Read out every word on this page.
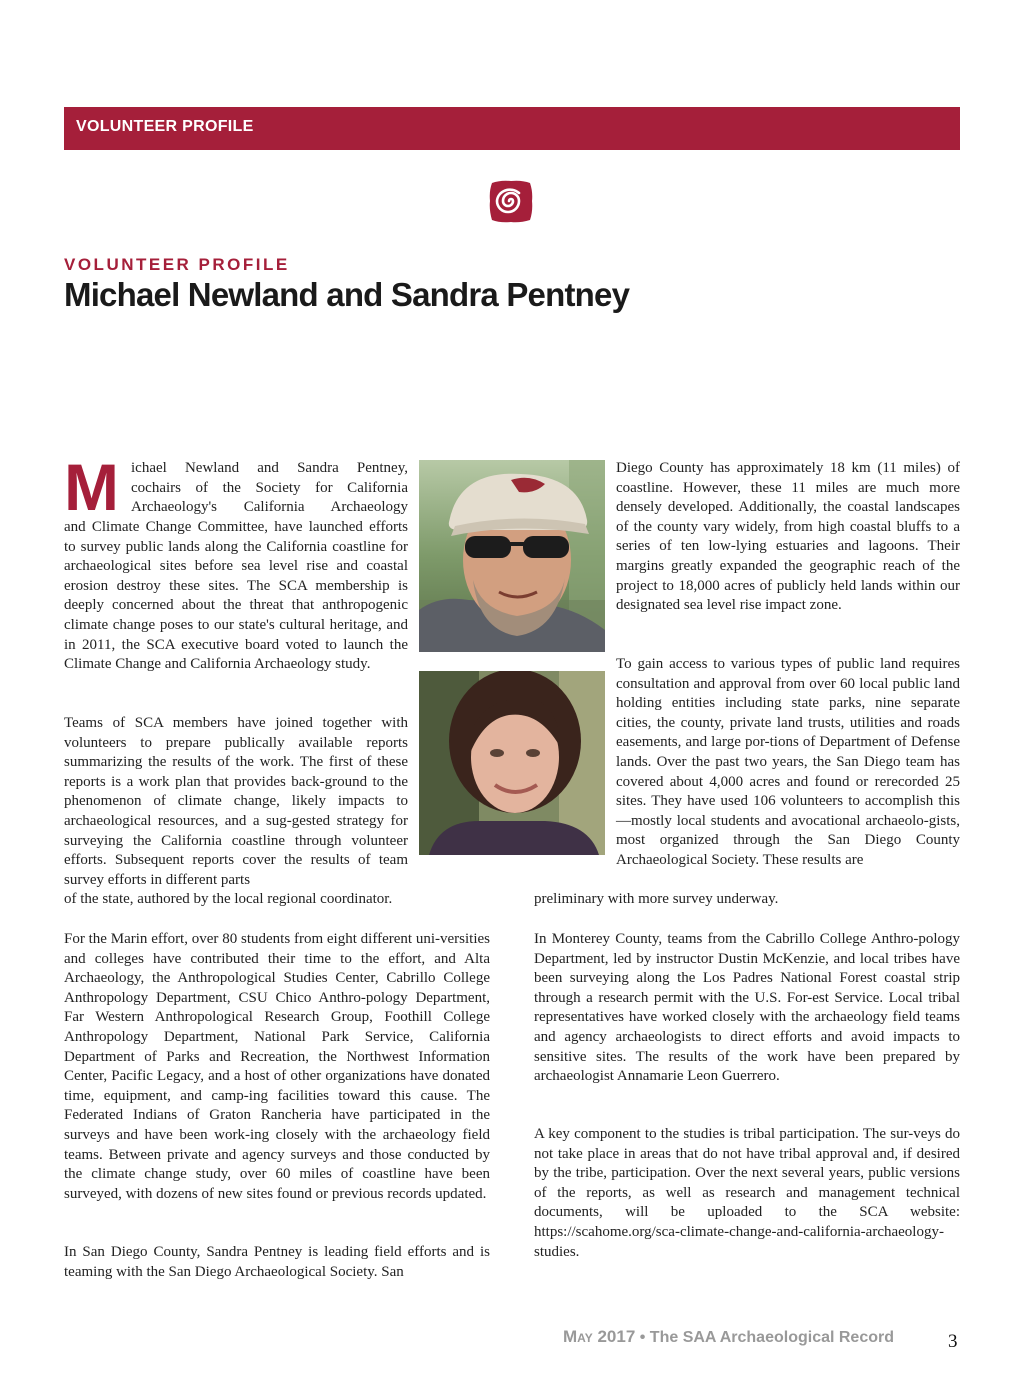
VOLUNTEER PROFILE
VOLUNTEER PROFILE
Michael Newland and Sandra Pentney
M ichael Newland and Sandra Pentney,
cochairs of the Society for California
Archaeology's California Archaeology

and Climate Change Committee, have launched efforts to survey public lands along the California coastline for archaeological sites before sea level rise and coastal erosion destroy these sites. The SCA membership is deeply concerned about the threat that anthropogenic climate change poses to our state's cultural heritage, and in 2011, the SCA executive board voted to launch the Climate Change and California Archaeology study.

Teams of SCA members have joined together with volunteers to prepare publically available reports summarizing the results of the work. The first of these reports is a work plan that provides back-ground to the phenomenon of climate change, likely impacts to archaeological resources, and a sug-gested strategy for surveying the California coastline through volunteer efforts. Subsequent reports cover the results of team survey efforts in different parts

of the state, authored by the local regional coordinator.

For the Marin effort, over 80 students from eight different uni-versities and colleges have contributed their time to the effort, and Alta Archaeology, the Anthropological Studies Center, Cabrillo College Anthropology Department, CSU Chico Anthro-pology Department, Far Western Anthropological Research Group, Foothill College Anthropology Department, National Park Service, California Department of Parks and Recreation, the Northwest Information Center, Pacific Legacy, and a host of other organizations have donated time, equipment, and camp-ing facilities toward this cause. The Federated Indians of Graton Rancheria have participated in the surveys and have been work-ing closely with the archaeology field teams. Between private and agency surveys and those conducted by the climate change study, over 60 miles of coastline have been surveyed, with dozens of new sites found or previous records updated.

In San Diego County, Sandra Pentney is leading field efforts and is teaming with the San Diego Archaeological Society. San

Diego County has approximately 18 km (11 miles) of coastline. However, these 11 miles are much more densely developed. Additionally, the coastal landscapes of the county vary widely, from high coastal bluffs to a series of ten low-lying estuaries and lagoons. Their margins greatly expanded the geographic reach of the project to 18,000 acres of publicly held lands within our designated sea level rise impact zone.

To gain access to various types of public land requires consultation and approval from over 60 local public land holding entities including state parks, nine separate cities, the county, private land trusts, utilities and roads easements, and large por-tions of Department of Defense lands. Over the past two years, the San Diego team has covered about 4,000 acres and found or rerecorded 25 sites. They have used 106 volunteers to accomplish this—mostly local students and avocational archaeolo-gists, most organized through the San Diego County Archaeological Society. These results are

preliminary with more survey underway.

In Monterey County, teams from the Cabrillo College Anthro-pology Department, led by instructor Dustin McKenzie, and local tribes have been surveying along the Los Padres National Forest coastal strip through a research permit with the U.S. For-est Service. Local tribal representatives have worked closely with the archaeology field teams and agency archaeologists to direct efforts and avoid impacts to sensitive sites. The results of the work have been prepared by archaeologist Annamarie Leon Guerrero.

A key component to the studies is tribal participation. The sur-veys do not take place in areas that do not have tribal approval and, if desired by the tribe, participation. Over the next several years, public versions of the reports, as well as research and management technical documents, will be uploaded to the SCA website: https://scahome.org/sca-climate-change-and-california-archaeology-studies.

May 2017 • The SAA Archaeological Record	3
